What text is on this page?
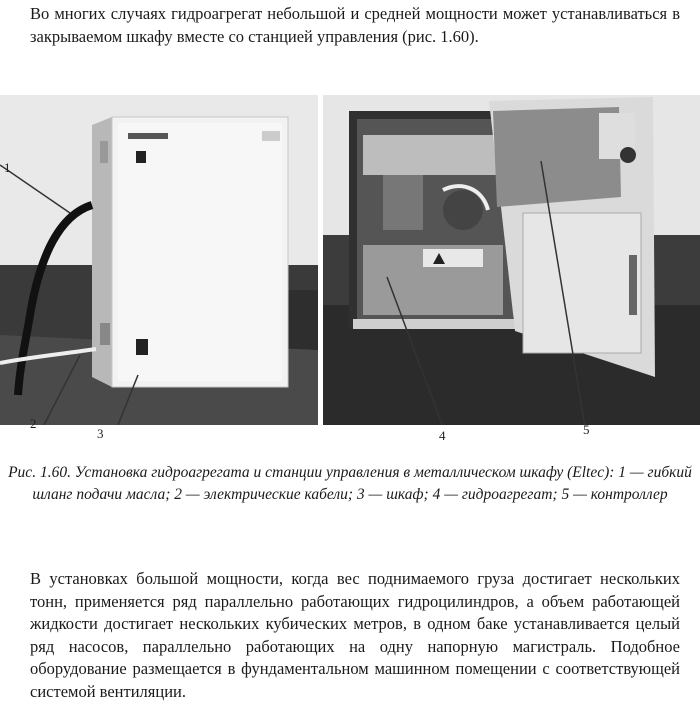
Во многих случаях гидроагрегат небольшой и средней мощности может устанавливаться в закрываемом шкафу вместе со станцией управления (рис. 1.60).

1
2
3	4	5

Рис. 1.60. Установка гидроагрегата и станции управления в металлическом шкафу (Eltec): 1 — гибкий шланг подачи масла; 2 — электрические кабели; 3 — шкаф; 4 — гидроагрегат; 5 — контроллер

В установках большой мощности, когда вес поднимаемого груза достигает нескольких тонн, применяется ряд параллельно работающих гидроцилиндров, а объем работающей жидкости достигает нескольких кубических метров, в одном баке устанавливается целый ряд насосов, параллельно работающих на одну напорную магистраль. Подобное оборудование размещается в фундаментальном машинном помещении с соответствующей системой вентиляции.
